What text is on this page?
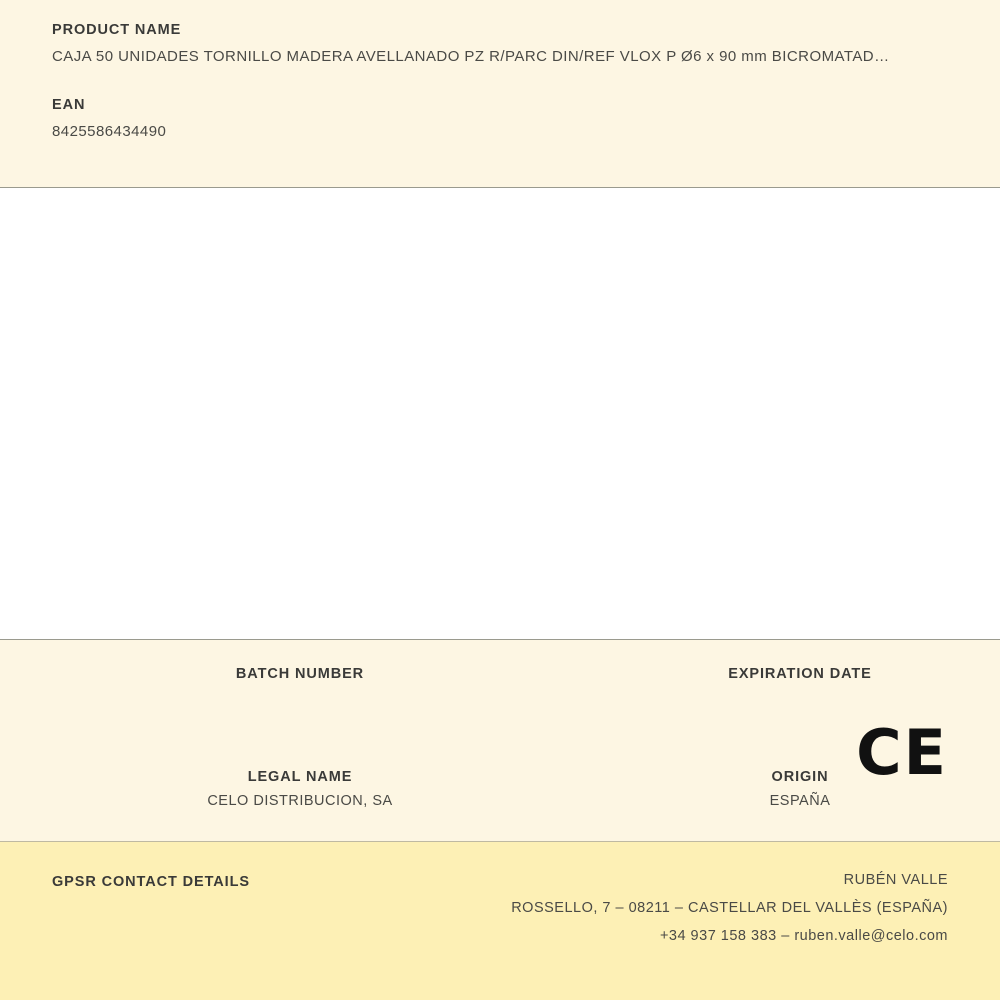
PRODUCT NAME

CAJA 50 UNIDADES TORNILLO MADERA AVELLANADO PZ R/PARC DIN/REF VLOX P Ø6 x 90 mm BICROMATAD…

EAN

8425586434490

BATCH NUMBER	EXPIRATION DATE

LEGAL NAME

CELO DISTRIBUCION, SA

ORIGIN

ESPAÑA

CE

GPSR CONTACT DETAILS	RUBÉN VALLE

ROSSELLO, 7 – 08211 – CASTELLAR DEL VALLÈS (ESPAÑA)

+34 937 158 383 – ruben.valle@celo.com
